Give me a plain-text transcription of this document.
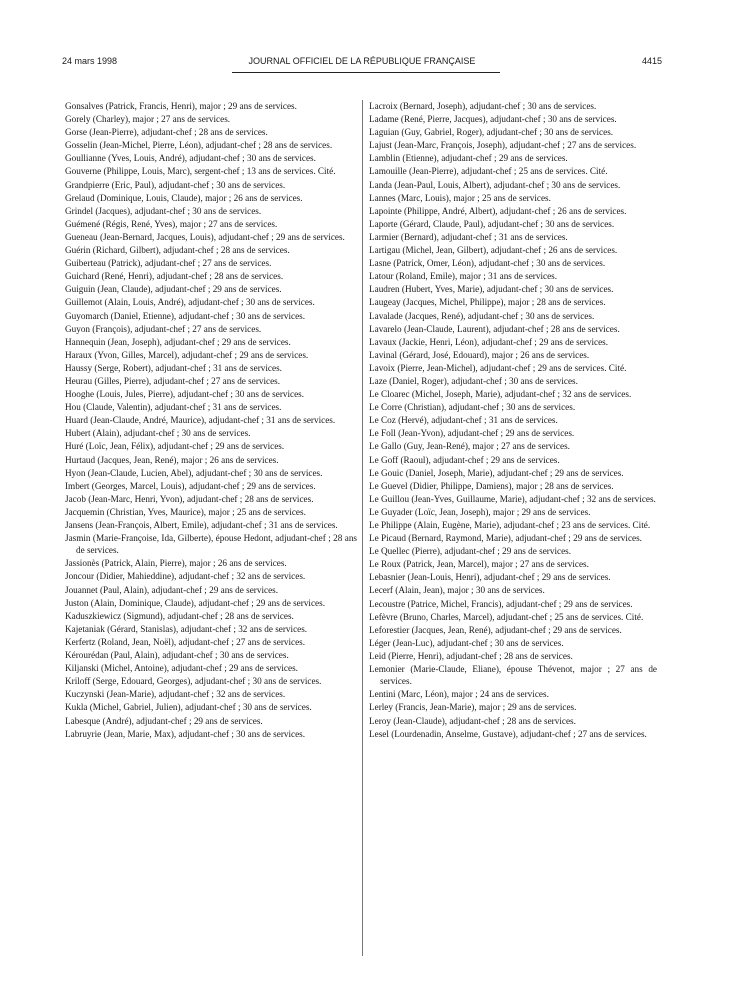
24 mars 1998	JOURNAL OFFICIEL DE LA RÉPUBLIQUE FRANÇAISE	4415

Gonsalves (Patrick, Francis, Henri), major ; 29 ans de services.

Gorely (Charley), major ; 27 ans de services.

Gorse (Jean-Pierre), adjudant-chef ; 28 ans de services.

Gosselin (Jean-Michel, Pierre, Léon), adjudant-chef ; 28 ans de services.

Goullianne (Yves, Louis, André), adjudant-chef ; 30 ans de services.

Gouverne (Philippe, Louis, Marc), sergent-chef ; 13 ans de services. Cité.

Grandpierre (Eric, Paul), adjudant-chef ; 30 ans de services.

Grelaud (Dominique, Louis, Claude), major ; 26 ans de services.

Grindel (Jacques), adjudant-chef ; 30 ans de services.

Guémené (Régis, René, Yves), major ; 27 ans de services.

Gueneau (Jean-Bernard, Jacques, Louis), adjudant-chef ; 29 ans de services.

Guérin (Richard, Gilbert), adjudant-chef ; 28 ans de services.

Guiberteau (Patrick), adjudant-chef ; 27 ans de services.

Guichard (René, Henri), adjudant-chef ; 28 ans de services.

Guiguin (Jean, Claude), adjudant-chef ; 29 ans de services.

Guillemot (Alain, Louis, André), adjudant-chef ; 30 ans de services.

Guyomarch (Daniel, Etienne), adjudant-chef ; 30 ans de services.

Guyon (François), adjudant-chef ; 27 ans de services.

Hannequin (Jean, Joseph), adjudant-chef ; 29 ans de services.

Haraux (Yvon, Gilles, Marcel), adjudant-chef ; 29 ans de services.

Haussy (Serge, Robert), adjudant-chef ; 31 ans de services.

Heurau (Gilles, Pierre), adjudant-chef ; 27 ans de services.

Hooghe (Louis, Jules, Pierre), adjudant-chef ; 30 ans de services.

Hou (Claude, Valentin), adjudant-chef ; 31 ans de services.

Huard (Jean-Claude, André, Maurice), adjudant-chef ; 31 ans de services.

Hubert (Alain), adjudant-chef ; 30 ans de services.

Huré (Loïc, Jean, Félix), adjudant-chef ; 29 ans de services.

Hurtaud (Jacques, Jean, René), major ; 26 ans de services.

Hyon (Jean-Claude, Lucien, Abel), adjudant-chef ; 30 ans de services.

Imbert (Georges, Marcel, Louis), adjudant-chef ; 29 ans de services.

Jacob (Jean-Marc, Henri, Yvon), adjudant-chef ; 28 ans de services.

Jacquemin (Christian, Yves, Maurice), major ; 25 ans de services.

Jansens (Jean-François, Albert, Emile), adjudant-chef ; 31 ans de services.

Jasmin (Marie-Françoise, Ida, Gilberte), épouse Hedont, adjudant-chef ; 28 ans de services.

Jassionès (Patrick, Alain, Pierre), major ; 26 ans de services.

Joncour (Didier, Mahieddine), adjudant-chef ; 32 ans de services.

Jouannet (Paul, Alain), adjudant-chef ; 29 ans de services.

Juston (Alain, Dominique, Claude), adjudant-chef ; 29 ans de services.

Kaduszkiewicz (Sigmund), adjudant-chef ; 28 ans de services.

Kajetaniak (Gérard, Stanislas), adjudant-chef ; 32 ans de services.

Kerfertz (Roland, Jean, Noël), adjudant-chef ; 27 ans de services.

Kérourédan (Paul, Alain), adjudant-chef ; 30 ans de services.

Kiljanski (Michel, Antoine), adjudant-chef ; 29 ans de services.

Kriloff (Serge, Edouard, Georges), adjudant-chef ; 30 ans de services.

Kuczynski (Jean-Marie), adjudant-chef ; 32 ans de services.

Kukla (Michel, Gabriel, Julien), adjudant-chef ; 30 ans de services.

Labesque (André), adjudant-chef ; 29 ans de services.

Labruyrie (Jean, Marie, Max), adjudant-chef ; 30 ans de services.

Lacroix (Bernard, Joseph), adjudant-chef ; 30 ans de services.

Ladame (René, Pierre, Jacques), adjudant-chef ; 30 ans de services.

Laguian (Guy, Gabriel, Roger), adjudant-chef ; 30 ans de services.

Lajust (Jean-Marc, François, Joseph), adjudant-chef ; 27 ans de services.

Lamblin (Etienne), adjudant-chef ; 29 ans de services.

Lamouille (Jean-Pierre), adjudant-chef ; 25 ans de services. Cité.

Landa (Jean-Paul, Louis, Albert), adjudant-chef ; 30 ans de services.

Lannes (Marc, Louis), major ; 25 ans de services.

Lapointe (Philippe, André, Albert), adjudant-chef ; 26 ans de services.

Laporte (Gérard, Claude, Paul), adjudant-chef ; 30 ans de services.

Larmier (Bernard), adjudant-chef ; 31 ans de services.

Lartigau (Michel, Jean, Gilbert), adjudant-chef ; 26 ans de services.

Lasne (Patrick, Omer, Léon), adjudant-chef ; 30 ans de services.

Latour (Roland, Emile), major ; 31 ans de services.

Laudren (Hubert, Yves, Marie), adjudant-chef ; 30 ans de services.

Laugeay (Jacques, Michel, Philippe), major ; 28 ans de services.

Lavalade (Jacques, René), adjudant-chef ; 30 ans de services.

Lavarelo (Jean-Claude, Laurent), adjudant-chef ; 28 ans de services.

Lavaux (Jackie, Henri, Léon), adjudant-chef ; 29 ans de services.

Lavinal (Gérard, José, Edouard), major ; 26 ans de services.

Lavoix (Pierre, Jean-Michel), adjudant-chef ; 29 ans de services. Cité.

Laze (Daniel, Roger), adjudant-chef ; 30 ans de services.

Le Cloarec (Michel, Joseph, Marie), adjudant-chef ; 32 ans de services.

Le Corre (Christian), adjudant-chef ; 30 ans de services.

Le Coz (Hervé), adjudant-chef ; 31 ans de services.

Le Foll (Jean-Yvon), adjudant-chef ; 29 ans de services.

Le Gallo (Guy, Jean-René), major ; 27 ans de services.

Le Goff (Raoul), adjudant-chef ; 29 ans de services.

Le Gouic (Daniel, Joseph, Marie), adjudant-chef ; 29 ans de services.

Le Guevel (Didier, Philippe, Damiens), major ; 28 ans de services.

Le Guillou (Jean-Yves, Guillaume, Marie), adjudant-chef ; 32 ans de services.

Le Guyader (Loïc, Jean, Joseph), major ; 29 ans de services.

Le Philippe (Alain, Eugène, Marie), adjudant-chef ; 23 ans de services. Cité.

Le Picaud (Bernard, Raymond, Marie), adjudant-chef ; 29 ans de services.

Le Quellec (Pierre), adjudant-chef ; 29 ans de services.

Le Roux (Patrick, Jean, Marcel), major ; 27 ans de services.

Lebasnier (Jean-Louis, Henri), adjudant-chef ; 29 ans de services.

Lecerf (Alain, Jean), major ; 30 ans de services.

Lecoustre (Patrice, Michel, Francis), adjudant-chef ; 29 ans de services.

Lefèvre (Bruno, Charles, Marcel), adjudant-chef ; 25 ans de services. Cité.

Leforestier (Jacques, Jean, René), adjudant-chef ; 29 ans de services.

Léger (Jean-Luc), adjudant-chef ; 30 ans de services.

Leid (Pierre, Henri), adjudant-chef ; 28 ans de services.

Lemonier (Marie-Claude, Eliane), épouse Thévenot, major ; 27 ans de services.

Lentini (Marc, Léon), major ; 24 ans de services.

Lerley (Francis, Jean-Marie), major ; 29 ans de services.

Leroy (Jean-Claude), adjudant-chef ; 28 ans de services.

Lesel (Lourdenadin, Anselme, Gustave), adjudant-chef ; 27 ans de services.
